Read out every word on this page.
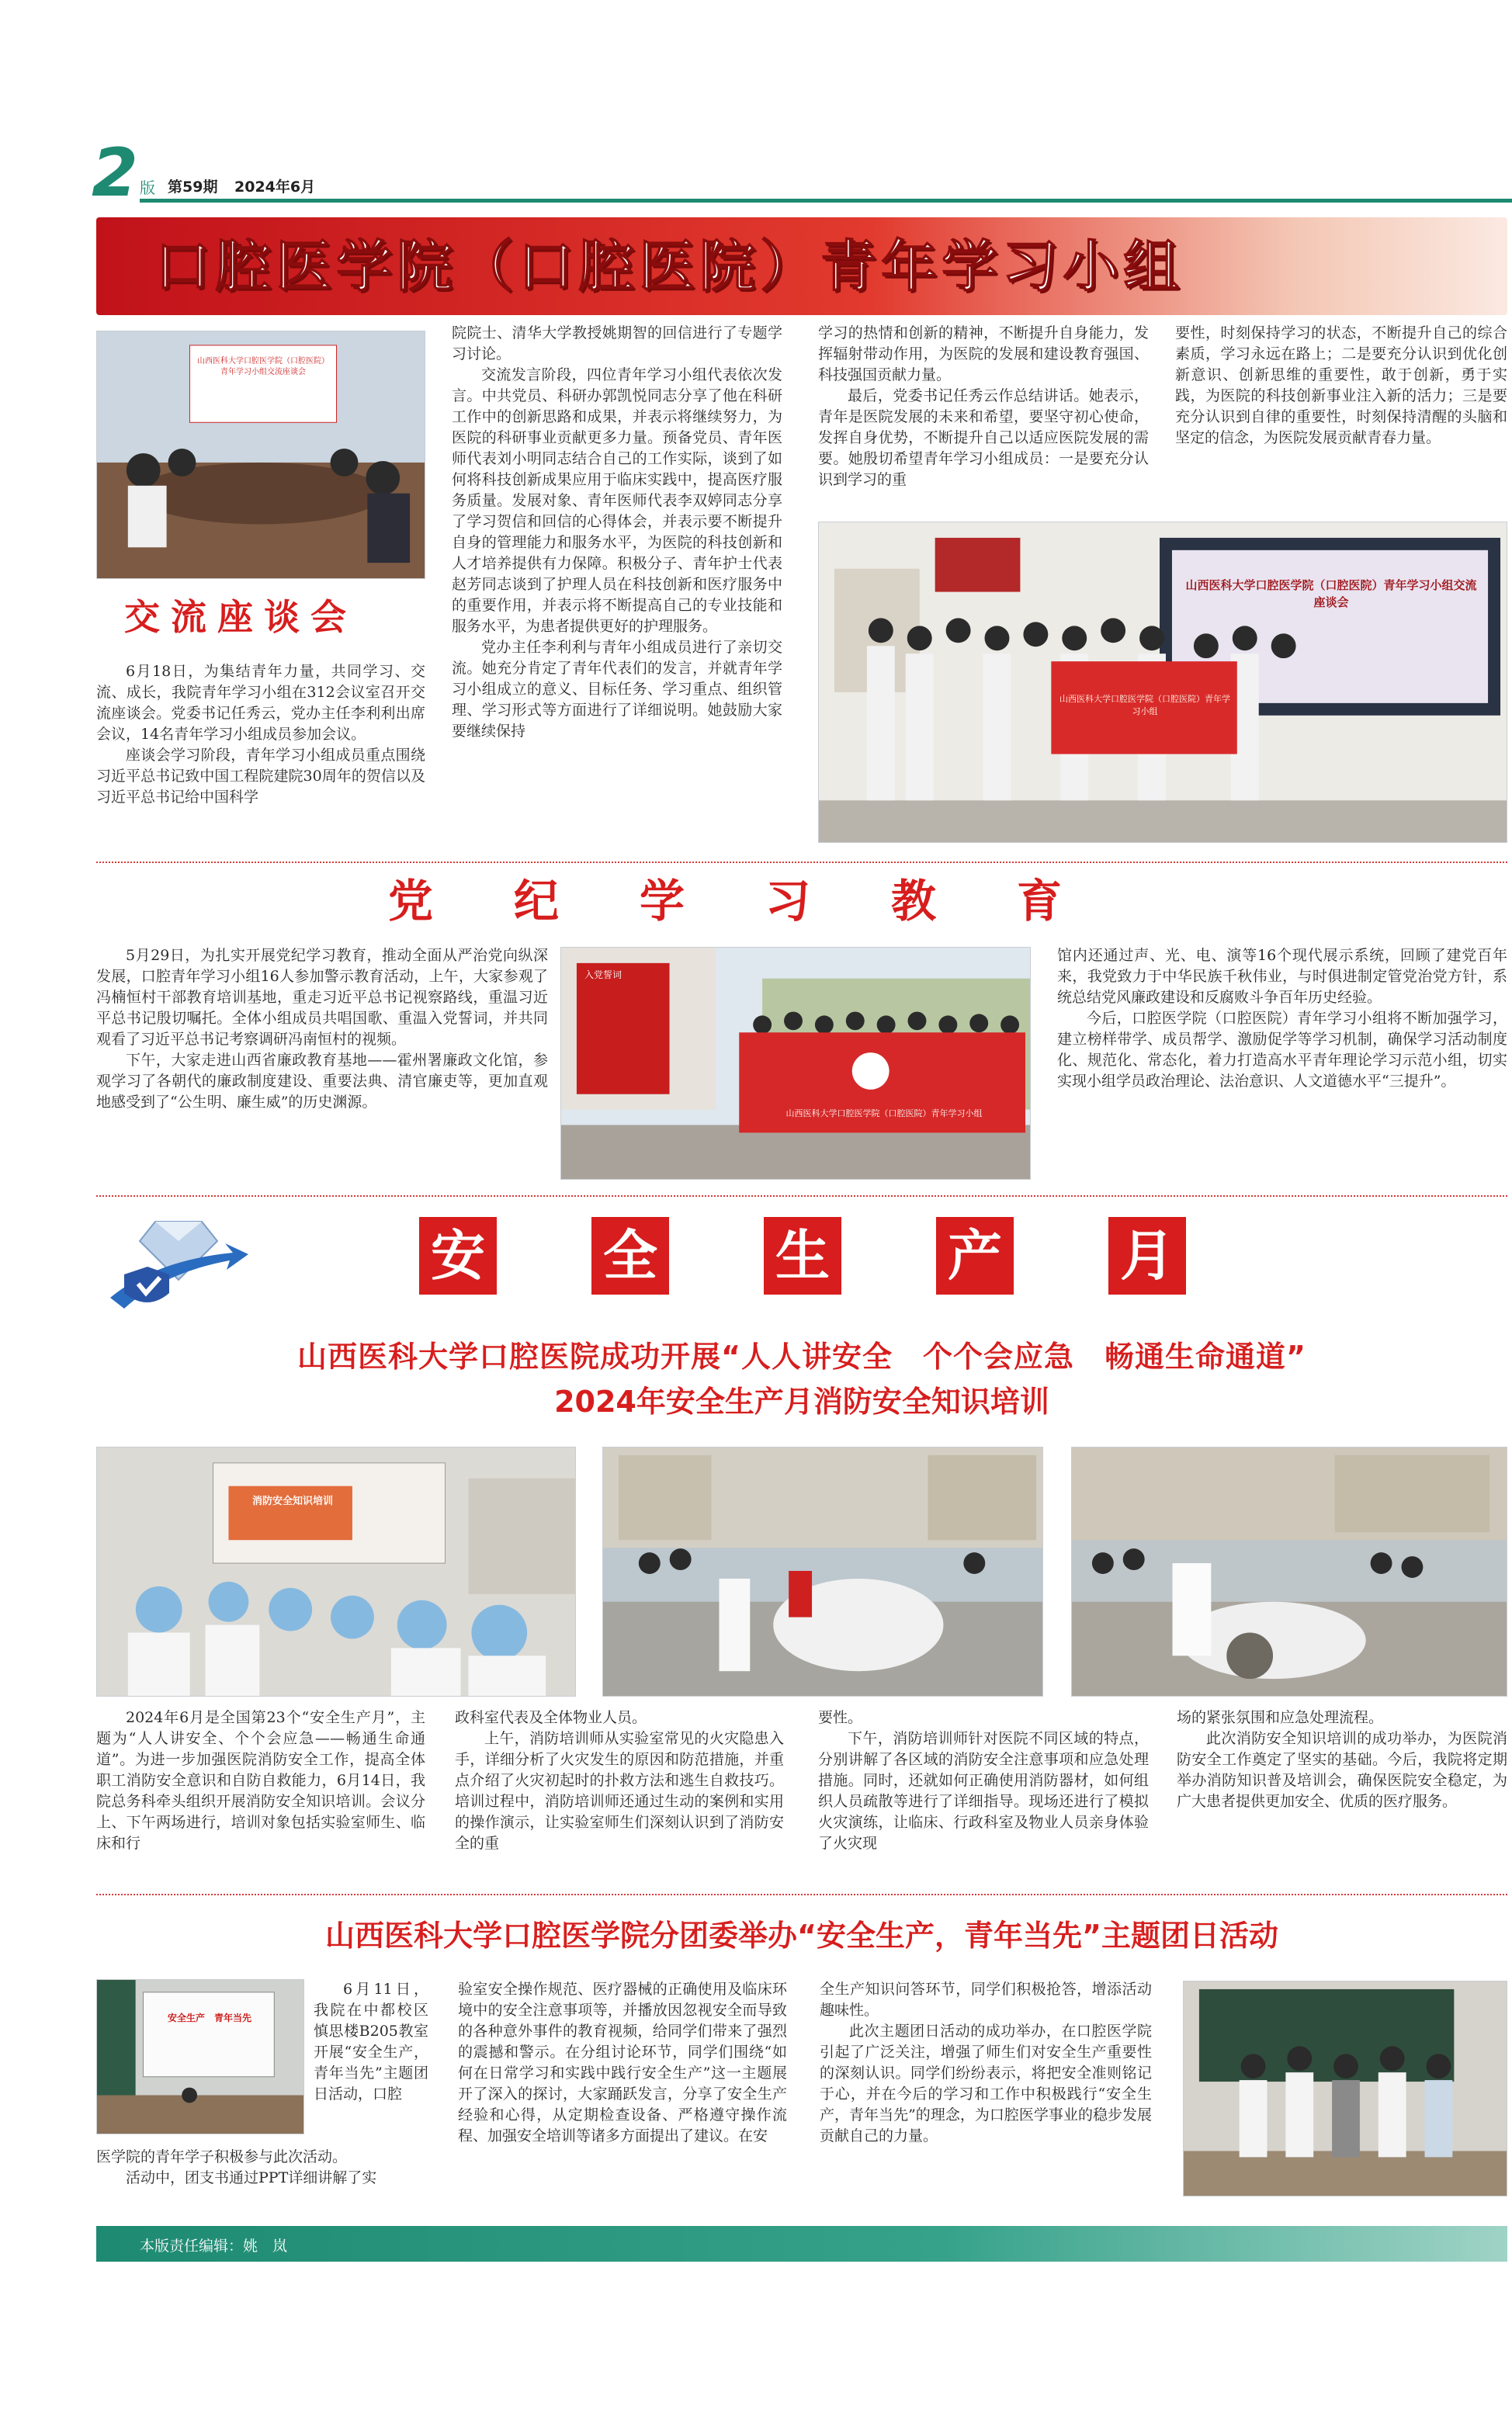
2 版 第59期 2024年6月
口腔医学院（口腔医院）青年学习小组
山西医科大学口腔医学院（口腔医院）青年学习小组交流座谈会
交流座谈会

6月18日，为集结青年力量，共同学习、交流、成长，我院青年学习小组在312会议室召开交流座谈会。党委书记任秀云，党办主任李利利出席会议，14名青年学习小组成员参加会议。

座谈会学习阶段，青年学习小组成员重点围绕习近平总书记致中国工程院建院30周年的贺信以及习近平总书记给中国科学

院院士、清华大学教授姚期智的回信进行了专题学习讨论。

交流发言阶段，四位青年学习小组代表依次发言。中共党员、科研办郭凯悦同志分享了他在科研工作中的创新思路和成果，并表示将继续努力，为医院的科研事业贡献更多力量。预备党员、青年医师代表刘小明同志结合自己的工作实际，谈到了如何将科技创新成果应用于临床实践中，提高医疗服务质量。发展对象、青年医师代表李双婷同志分享了学习贺信和回信的心得体会，并表示要不断提升自身的管理能力和服务水平，为医院的科技创新和人才培养提供有力保障。积极分子、青年护士代表赵芳同志谈到了护理人员在科技创新和医疗服务中的重要作用，并表示将不断提高自己的专业技能和服务水平，为患者提供更好的护理服务。

党办主任李利利与青年小组成员进行了亲切交流。她充分肯定了青年代表们的发言，并就青年学习小组成立的意义、目标任务、学习重点、组织管理、学习形式等方面进行了详细说明。她鼓励大家要继续保持

学习的热情和创新的精神，不断提升自身能力，发挥辐射带动作用，为医院的发展和建设教育强国、科技强国贡献力量。

最后，党委书记任秀云作总结讲话。她表示，青年是医院发展的未来和希望，要坚守初心使命，发挥自身优势，不断提升自己以适应医院发展的需要。她殷切希望青年学习小组成员：一是要充分认识到学习的重

要性，时刻保持学习的状态，不断提升自己的综合素质，学习永远在路上；二是要充分认识到优化创新意识、创新思维的重要性，敢于创新，勇于实践，为医院的科技创新事业注入新的活力；三是要充分认识到自律的重要性，时刻保持清醒的头脑和坚定的信念，为医院发展贡献青春力量。

山西医科大学口腔医学院（口腔医院）青年学习小组交流座谈会
山西医科大学口腔医学院（口腔医院）青年学习小组
党纪学习教育

5月29日，为扎实开展党纪学习教育，推动全面从严治党向纵深发展，口腔青年学习小组16人参加警示教育活动，上午，大家参观了冯楠恒村干部教育培训基地，重走习近平总书记视察路线，重温习近平总书记殷切嘱托。全体小组成员共唱国歌、重温入党誓词，并共同观看了习近平总书记考察调研冯南恒村的视频。

下午，大家走进山西省廉政教育基地——霍州署廉政文化馆，参观学习了各朝代的廉政制度建设、重要法典、清官廉吏等，更加直观地感受到了“公生明、廉生威”的历史渊源。

入党誓词
山西医科大学口腔医学院（口腔医院）青年学习小组

馆内还通过声、光、电、演等16个现代展示系统，回顾了建党百年来，我党致力于中华民族千秋伟业，与时俱进制定管党治党方针，系统总结党风廉政建设和反腐败斗争百年历史经验。

今后，口腔医学院（口腔医院）青年学习小组将不断加强学习，建立榜样带学、成员帮学、激励促学等学习机制，确保学习活动制度化、规范化、常态化，着力打造高水平青年理论学习示范小组，切实实现小组学员政治理论、法治意识、人文道德水平“三提升”。

安 全 生 产 月
山西医科大学口腔医院成功开展“人人讲安全　个个会应急　畅通生命通道”
2024年安全生产月消防安全知识培训
消防安全知识培训

2024年6月是全国第23个“安全生产月”，主题为“人人讲安全、个个会应急——畅通生命通道”。为进一步加强医院消防安全工作，提高全体职工消防安全意识和自防自救能力，6月14日，我院总务科牵头组织开展消防安全知识培训。会议分上、下午两场进行，培训对象包括实验室师生、临床和行

政科室代表及全体物业人员。

上午，消防培训师从实验室常见的火灾隐患入手，详细分析了火灾发生的原因和防范措施，并重点介绍了火灾初起时的扑救方法和逃生自救技巧。培训过程中，消防培训师还通过生动的案例和实用的操作演示，让实验室师生们深刻认识到了消防安全的重

要性。

下午，消防培训师针对医院不同区域的特点，分别讲解了各区域的消防安全注意事项和应急处理措施。同时，还就如何正确使用消防器材，如何组织人员疏散等进行了详细指导。现场还进行了模拟火灾演练，让临床、行政科室及物业人员亲身体验了火灾现

场的紧张氛围和应急处理流程。

此次消防安全知识培训的成功举办，为医院消防安全工作奠定了坚实的基础。今后，我院将定期举办消防知识普及培训会，确保医院安全稳定，为广大患者提供更加安全、优质的医疗服务。

山西医科大学口腔医学院分团委举办“安全生产，青年当先”主题团日活动
安全生产　青年当先

6月11日，我院在中都校区慎思楼B205教室开展“安全生产，青年当先”主题团日活动，口腔

医学院的青年学子积极参与此次活动。

活动中，团支书通过PPT详细讲解了实

验室安全操作规范、医疗器械的正确使用及临床环境中的安全注意事项等，并播放因忽视安全而导致的各种意外事件的教育视频，给同学们带来了强烈的震撼和警示。在分组讨论环节，同学们围绕“如何在日常学习和实践中践行安全生产”这一主题展开了深入的探讨，大家踊跃发言，分享了安全生产经验和心得，从定期检查设备、严格遵守操作流程、加强安全培训等诸多方面提出了建议。在安

全生产知识问答环节，同学们积极抢答，增添活动趣味性。

此次主题团日活动的成功举办，在口腔医学院引起了广泛关注，增强了师生们对安全生产重要性的深刻认识。同学们纷纷表示，将把安全准则铭记于心，并在今后的学习和工作中积极践行“安全生产，青年当先”的理念，为口腔医学事业的稳步发展贡献自己的力量。

本版责任编辑：姚　岚
